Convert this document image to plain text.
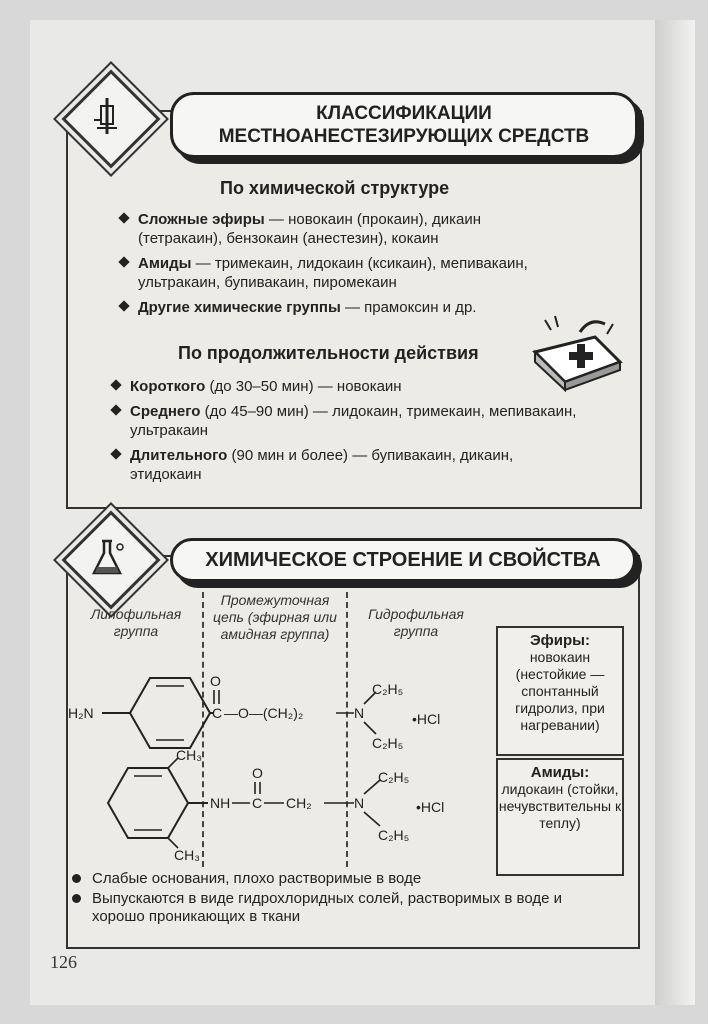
КЛАССИФИКАЦИИ
МЕСТНОАНЕСТЕЗИРУЮЩИХ СРЕДСТВ
По химической структуре
Сложные эфиры — новокаин (прокаин), дикаин (тетракаин), бензокаин (анестезин), кокаин
Амиды — тримекаин, лидокаин (ксикаин), мепивакаин, ультракаин, бупивакаин, пиромекаин
Другие химические группы — прамоксин и др.
По продолжительности действия
Короткого (до 30–50 мин) — новокаин
Среднего (до 45–90 мин) — лидокаин, тримекаин, мепивакаин, ультракаин
Длительного (90 мин и более) — бупивакаин, дикаин, этидокаин
ХИМИЧЕСКОЕ СТРОЕНИЕ И СВОЙСТВА
Липофильная группа
Промежуточная цепь (эфирная или амидная группа)
Гидрофильная группа
H₂N	C
O
—O—(CH₂)₂	N
C₂H₅
C₂H₅
•HCl
CH₃
CH₃
NH C
O
CH₂	N
C₂H₅
C₂H₅
•HCl
Эфиры:
новокаин (нестойкие — спонтанный гидролиз, при нагревании)
Амиды:
лидокаин (стойки, нечувствительны к теплу)
Слабые основания, плохо растворимые в воде
Выпускаются в виде гидрохлоридных солей, растворимых в воде и хорошо проникающих в ткани
126
